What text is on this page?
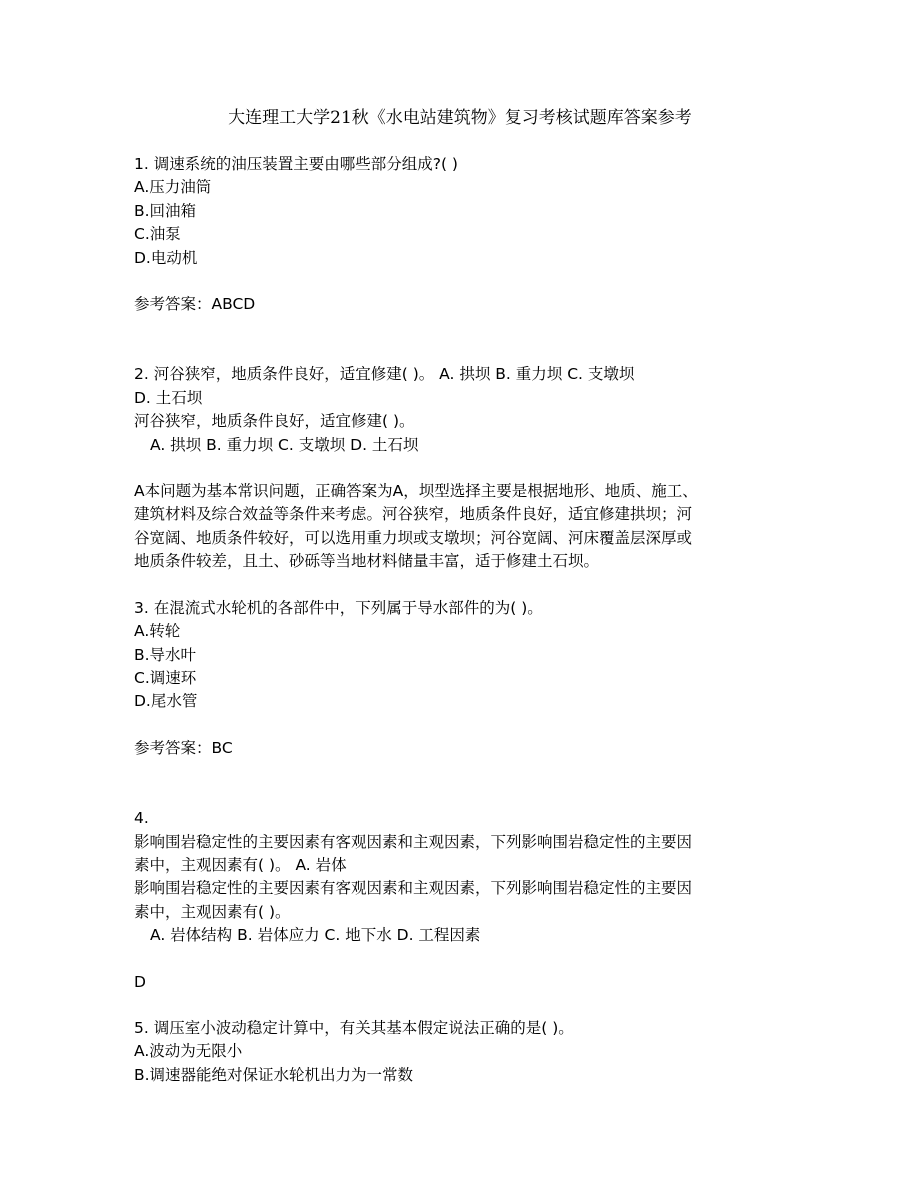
大连理工大学21秋《水电站建筑物》复习考核试题库答案参考
1. 调速系统的油压装置主要由哪些部分组成?( )
A.压力油筒
B.回油箱
C.油泵
D.电动机
参考答案：ABCD
2. 河谷狭窄，地质条件良好，适宜修建( )。 A. 拱坝 B. 重力坝 C. 支墩坝
D. 土石坝
河谷狭窄，地质条件良好，适宜修建( )。
A. 拱坝 B. 重力坝 C. 支墩坝 D. 土石坝
A本问题为基本常识问题，正确答案为A，坝型选择主要是根据地形、地质、施工、
建筑材料及综合效益等条件来考虑。河谷狭窄，地质条件良好，适宜修建拱坝；河
谷宽阔、地质条件较好，可以选用重力坝或支墩坝；河谷宽阔、河床覆盖层深厚或
地质条件较差，且土、砂砾等当地材料储量丰富，适于修建土石坝。
3. 在混流式水轮机的各部件中，下列属于导水部件的为( )。
A.转轮
B.导水叶
C.调速环
D.尾水管
参考答案：BC
4.
影响围岩稳定性的主要因素有客观因素和主观因素，下列影响围岩稳定性的主要因
素中，主观因素有( )。 A. 岩体
影响围岩稳定性的主要因素有客观因素和主观因素，下列影响围岩稳定性的主要因
素中，主观因素有( )。
A. 岩体结构 B. 岩体应力 C. 地下水 D. 工程因素
D
5. 调压室小波动稳定计算中，有关其基本假定说法正确的是( )。
A.波动为无限小
B.调速器能绝对保证水轮机出力为一常数
